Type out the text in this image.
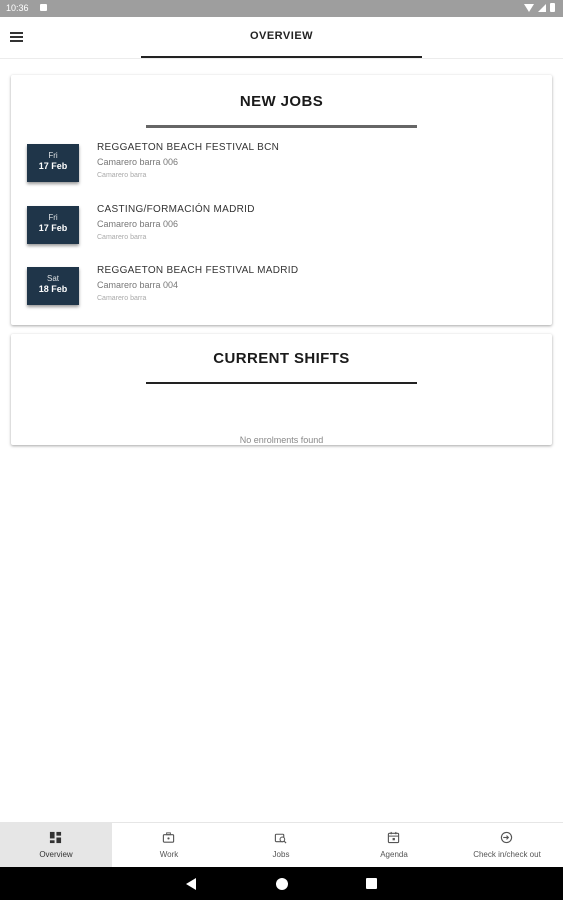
10:36
OVERVIEW
NEW JOBS
Fri
17 Feb
REGGAETON BEACH FESTIVAL BCN
Camarero barra 006
Camarero barra
Fri
17 Feb
CASTING/FORMACIÓN MADRID
Camarero barra 006
Camarero barra
Sat
18 Feb
REGGAETON BEACH FESTIVAL MADRID
Camarero barra 004
Camarero barra
CURRENT SHIFTS
No enrolments found
Overview	Work	Jobs	Agenda	Check in/check out
